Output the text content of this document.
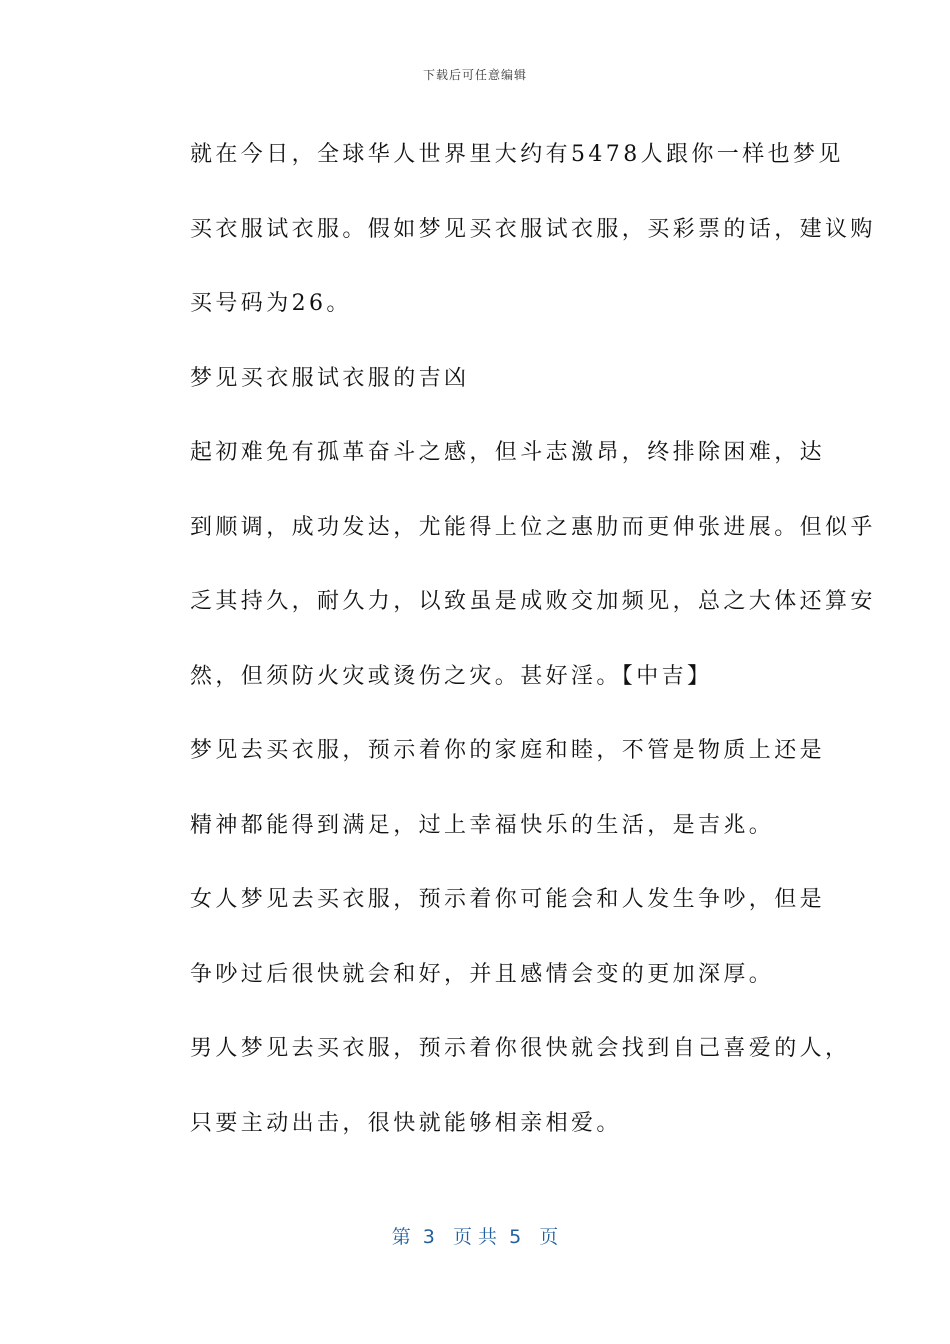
下载后可任意编辑

就在今日，全球华人世界里大约有5478人跟你一样也梦见
买衣服试衣服。假如梦见买衣服试衣服，买彩票的话，建议购
买号码为26。

梦见买衣服试衣服的吉凶

起初难免有孤革奋斗之感，但斗志激昂，终排除困难，达
到顺调，成功发达，尤能得上位之惠肋而更伸张进展。但似乎
乏其持久，耐久力，以致虽是成败交加频见，总之大体还算安
然，但须防火灾或烫伤之灾。甚好淫。【中吉】

梦见去买衣服，预示着你的家庭和睦，不管是物质上还是
精神都能得到满足，过上幸福快乐的生活，是吉兆。

女人梦见去买衣服，预示着你可能会和人发生争吵，但是
争吵过后很快就会和好，并且感情会变的更加深厚。

男人梦见去买衣服，预示着你很快就会找到自己喜爱的人，
只要主动出击，很快就能够相亲相爱。

第  3   页 共  5   页
